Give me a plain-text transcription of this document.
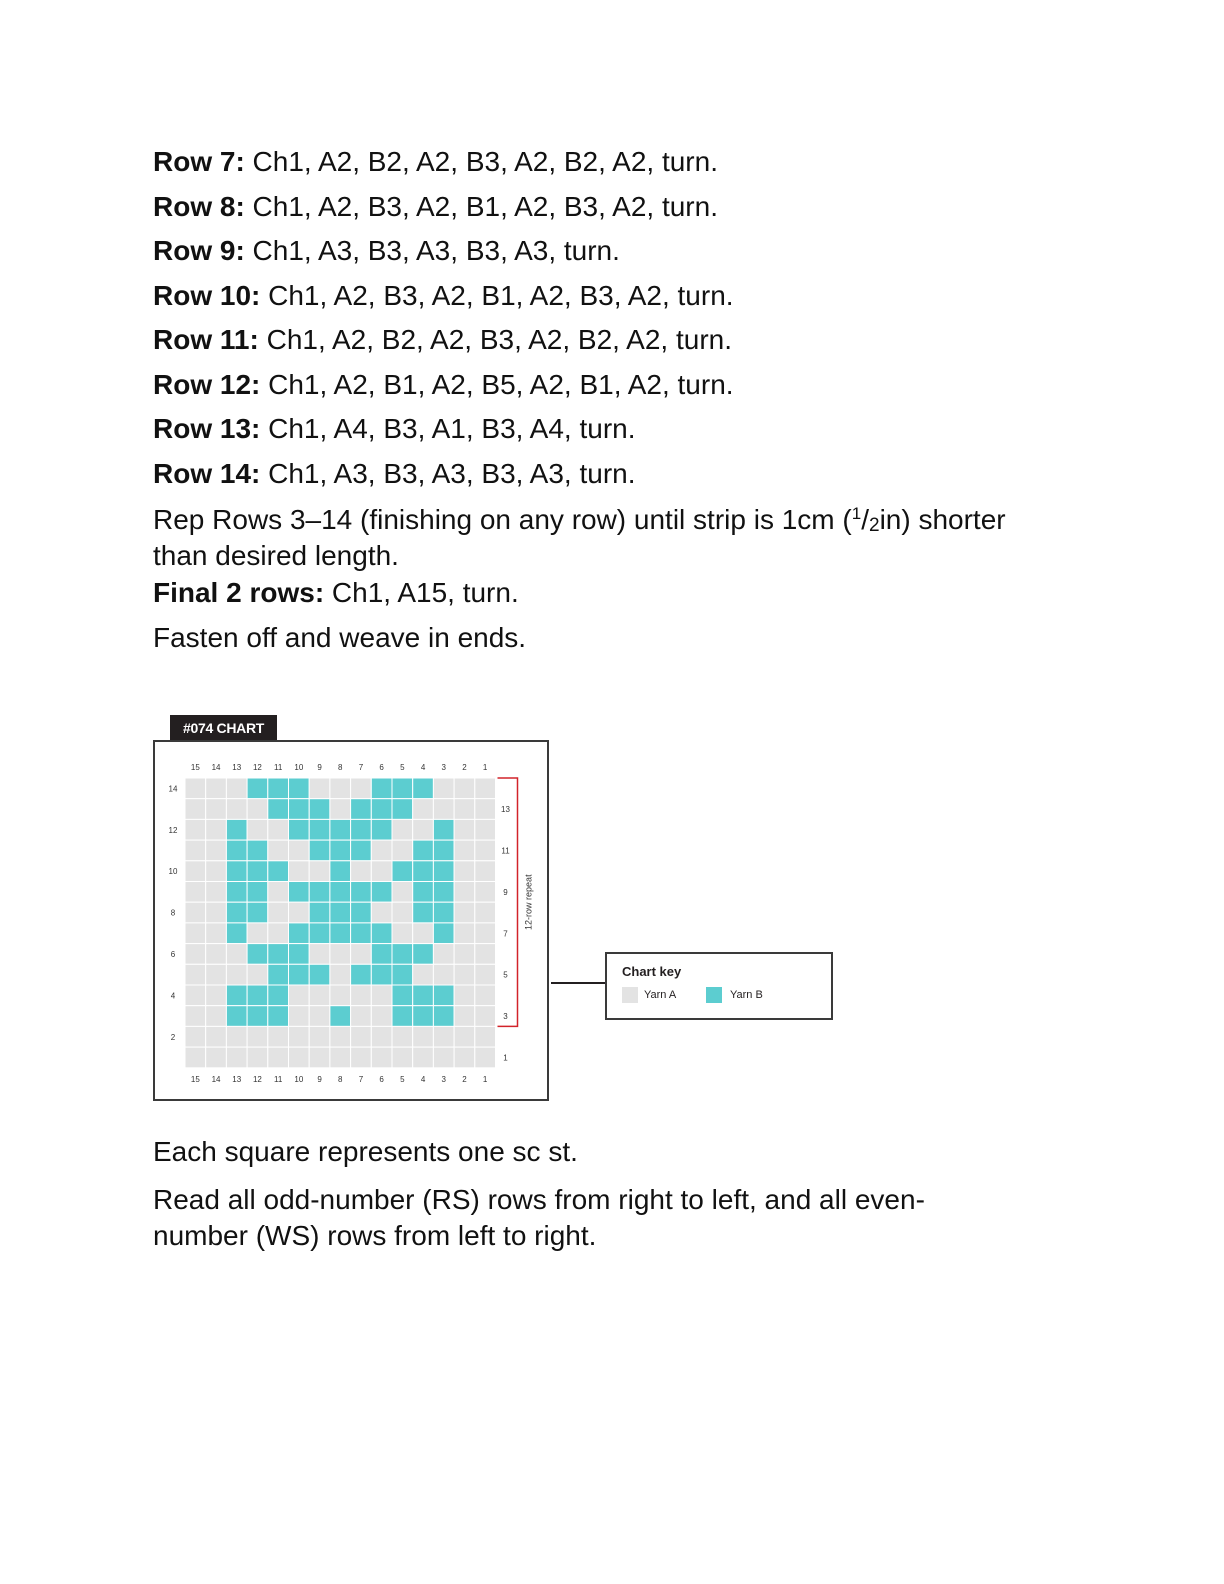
Row 7: Ch1, A2, B2, A2, B3, A2, B2, A2, turn.
Row 8: Ch1, A2, B3, A2, B1, A2, B3, A2, turn.
Row 9: Ch1, A3, B3, A3, B3, A3, turn.
Row 10: Ch1, A2, B3, A2, B1, A2, B3, A2, turn.
Row 11: Ch1, A2, B2, A2, B3, A2, B2, A2, turn.
Row 12: Ch1, A2, B1, A2, B5, A2, B1, A2, turn.
Row 13: Ch1, A4, B3, A1, B3, A4, turn.
Row 14: Ch1, A3, B3, A3, B3, A3, turn.
Rep Rows 3–14 (finishing on any row) until strip is 1cm $(^1/_2in)$ shorter than desired length.
Final 2 rows: Ch1, A15, turn.
Fasten off and weave in ends.
#074 CHART
15
15
14
14
13
13
12
12
11
11
10
10
9
9
8
8
7
7
6
6
5
5
4
4
3
3
2
2
1
1
14
12
10
8
6
4
2
13
11
9
7
5
3
1
12-row repeat
Chart key
Yarn A	Yarn B
Each square represents one sc st.
Read all odd-number (RS) rows from right to left, and all even-number (WS) rows from left to right.
